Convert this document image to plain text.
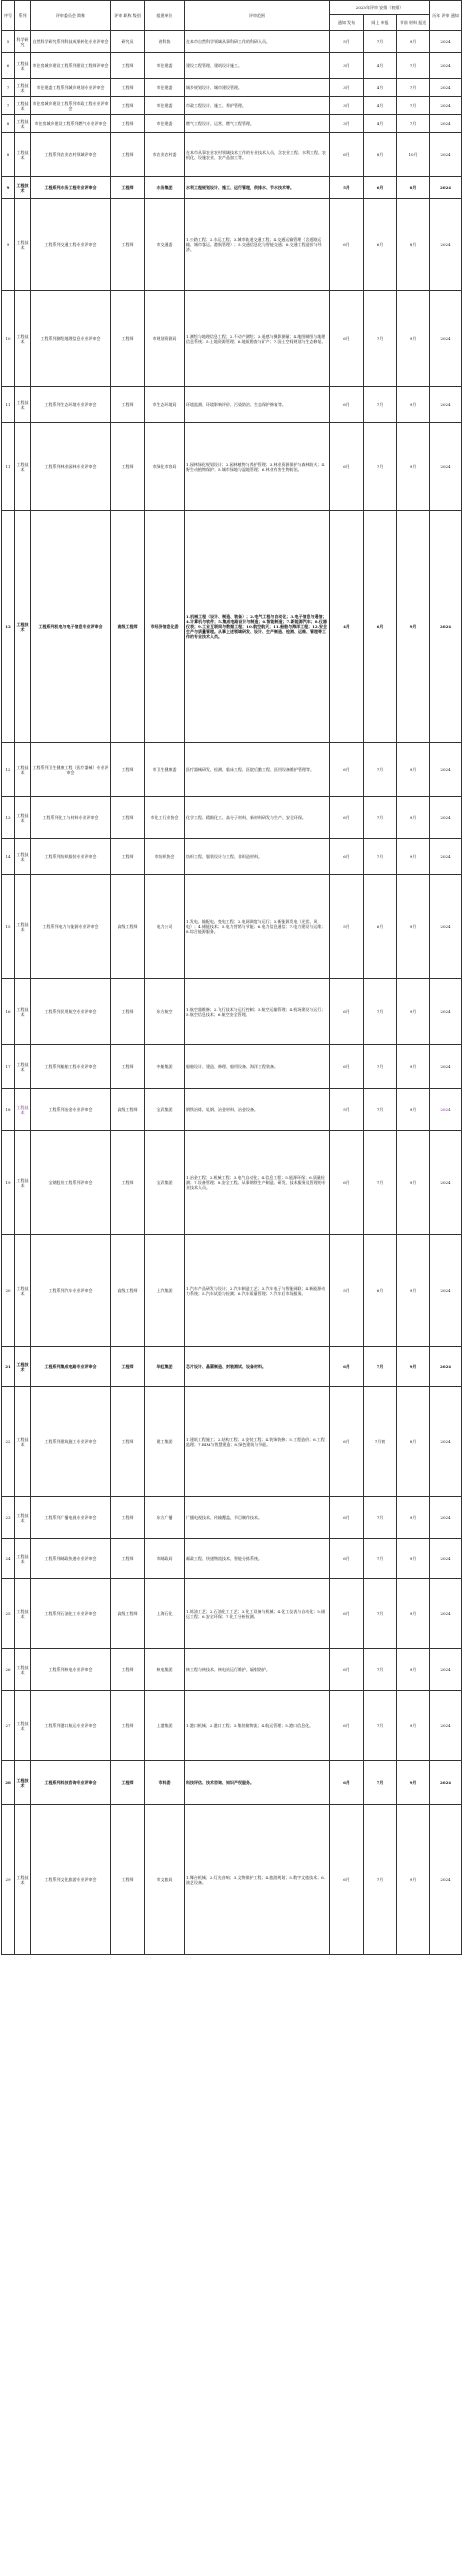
序号	系列	评审委员会 简称	评审 职称 级别	组建单位	评审范围	2025年评审 安排（初排）			历年 评审 通知
						通知 发布	网上 申报	节前 材料 报送	
5	科学研究	自然科学研究系列科技成果转化专业评审会	研究员	省科协	在本市自然科学领域从事科研工作的科研人员。	5月	7月	9月	2024
6	工程技术	市住房城乡建设工程系列建设工程师评审会	工程师	市住建委	建设工程管理、建筑设计施工。	3月	4月	7月	2024
7	工程技术	市住建委工程系列城乡规划专业评审会	工程师	市住建委	城乡规划设计、城市建设管理。	3月	4月	7月	2024
7	工程技术	市住房城乡建设工程系列市政工程专业评审会	工程师	市住建委	市政工程设计、施工、养护管理。	3月	4月	7月	2024
8	工程技术	市住房城乡建设工程系列燃气专业评审会	工程师	市住建委	燃气工程设计、运营、燃气工程管理。	3月	4月	7月	2024
8	工程技术	工程系列农业农村领域评审会	工程师	市农业农村委	在本市从事农业农村领域技术工作的专业技术人员，含农业工程、水利工程、农机化、设施农业、农产品加工等。	6月	8月	10月	2024
9	工程技术	工程系列水务工程专业评审会	工程师	水务集团	水利工程规划设计、施工、运行管理，供排水、节水技术等。	5月	6月	8月	2024
9	工程技术	工程系列交通工程专业评审会	工程师	市交通委	1.公路工程；2.水运工程；3.城市轨道交通工程；4.交通运输管理（含道路运输、城市客运、港航管理）；5.交通信息化与智能交通；6.交通工程造价与经济。	6月	6月	8月	2024
10	工程技术	工程系列测绘地理信息专业评审会	工程师	市规划资源局	1.测绘与地理信息工程；2.不动产测绘；3.遥感与摄影测量；4.地图制图与地理信息系统；5.土地资源管理；6.地质勘查与矿产；7.国土空间规划与生态修复。	6月	7月	9月	2024
11	工程技术	工程系列生态环境专业评审会	工程师	市生态环境局	环境监测、环境影响评价、污染防治、生态保护修复等。	6月	7月	9月	2024
11	工程技术	工程系列林业园林专业评审会	工程师	市绿化市容局	1.园林绿化规划设计；2.园林植物与养护管理；3.林业资源保护与森林防火；4.野生动植物保护；5.城市绿地与湿地管理；6.林业有害生物防治。	6月	7月	9月	2024
12	工程技术	工程系列机电与电子信息专业评审会	高级工程师	市经济信息化委	1.机械工程（设计、制造、装备）；2.电气工程与自动化；3.电子信息与通信；4.计算机与软件；5.集成电路设计与制造；6.智能制造；7.新能源汽车；8.仪器仪表；9.工业互联网与数据工程；10.航空航天；11.船舶与海洋工程；12.安全生产与质量管理。从事上述领域研发、设计、生产制造、检测、运维、管理等工作的专业技术人员。	4月	6月	9月	2024
12	工程技术	工程系列卫生健康工程（医疗器械）专业评审会	工程师	市卫生健康委	医疗器械研发、检测、临床工程、医院后勤工程、医用设备维护管理等。	6月	7月	9月	2024
13	工程技术	工程系列化工与材料专业评审会	工程师	市化工行业协会	化学工程、精细化工、高分子材料、新材料研发与生产、安全环保。	6月	7月	9月	2024
14	工程技术	工程系列纺织服装专业评审会	工程师	市纺织协会	纺织工程、服装设计与工程、非织造材料。	6月	7月	9月	2024
15	工程技术	工程系列电力与能源专业评审会	高级工程师	电力公司	1.发电、输配电、变电工程；2.电网调度与运行；3.新能源发电（光伏、风电）；4.储能技术；5.电力营销与节能；6.电力信息通信；7.电力建设与运维；8.综合能源服务。	5月	6月	9月	2024
16	工程技术	工程系列民用航空专业评审会	工程师	东方航空	1.航空器维修；2.飞行技术与运行控制；3.航空运输管理；4.机场建设与运行；5.航空信息技术；6.航空安全管理。	6月	7月	9月	2024
17	工程技术	工程系列船舶工程专业评审会	工程师	中船集团	船舶设计、建造、修理、船用设备、海洋工程装备。	6月	7月	9月	2024
18	工程技术	工程系列冶金专业评审会	高级工程师	宝武集团	钢铁冶炼、轧钢、冶金材料、冶金设备。	5月	7月	9月	2024
19	工程技术	宝钢股份工程系列评审会	工程师	宝武集团	1.冶金工程；2.机械工程；3.电气自动化；4.信息工程；5.能源环保；6.质量检测；7.设备管理；8.安全工程。从事钢铁生产制造、研发、技术服务及管理的专业技术人员。	6月	7月	9月	2024
20	工程技术	工程系列汽车专业评审会	高级工程师	上汽集团	1.汽车产品研发与设计；2.汽车制造工艺；3.汽车电子与智能网联；4.新能源动力系统；5.汽车试验与检测；6.汽车质量管理；7.汽车后市场服务。	5月	6月	9月	2024
21	工程技术	工程系列集成电路专业评审会	工程师	华虹集团	芯片设计、晶圆制造、封装测试、设备材料。	6月	7月	9月	2024
22	工程技术	工程系列建筑施工专业评审会	工程师	建工集团	1.建筑工程施工；2.结构工程；3.安装工程；4.装饰装修；5.工程造价；6.工程监理；7.BIM与智慧建造；8.绿色建筑与节能。	6月	7月初	8月	2024
23	工程技术	工程系列广播电视专业评审会	工程师	东方广播	广播电视技术、传输覆盖、节目制作技术。	6月	7月	9月	2024
24	工程技术	工程系列邮政快递专业评审会	工程师	市邮政局	邮政工程、快递物流技术、智能分拣系统。	6月	7月	9月	2024
25	工程技术	工程系列石油化工专业评审会	高级工程师	上海石化	1.炼油工艺；2.石油化工工艺；3.化工设备与机械；4.化工仪表与自动化；5.储运工程；6.安全环保；7.化工分析检测。	6月	7月	9月	2024
26	工程技术	工程系列核电专业评审会	工程师	核电集团	核工程与核技术、核电站运行维护、辐射防护。	6月	7月	9月	2024
27	工程技术	工程系列港口航运专业评审会	工程师	上港集团	1.港口机械；2.港口工程；3.集装箱物流；4.航运管理；5.港口信息化。	6月	7月	9月	2024
28	工程技术	工程系列科技咨询专业评审会	工程师	市科委	科技评估、技术咨询、知识产权服务。	6月	7月	9月	2024
29	工程技术	工程系列文化旅游专业评审会	工程师	市文旅局	1.舞台机械；2.灯光音响；3.文物保护工程；4.旅游规划；5.数字文旅技术；6.演艺设备。	6月	7月	9月	2024
